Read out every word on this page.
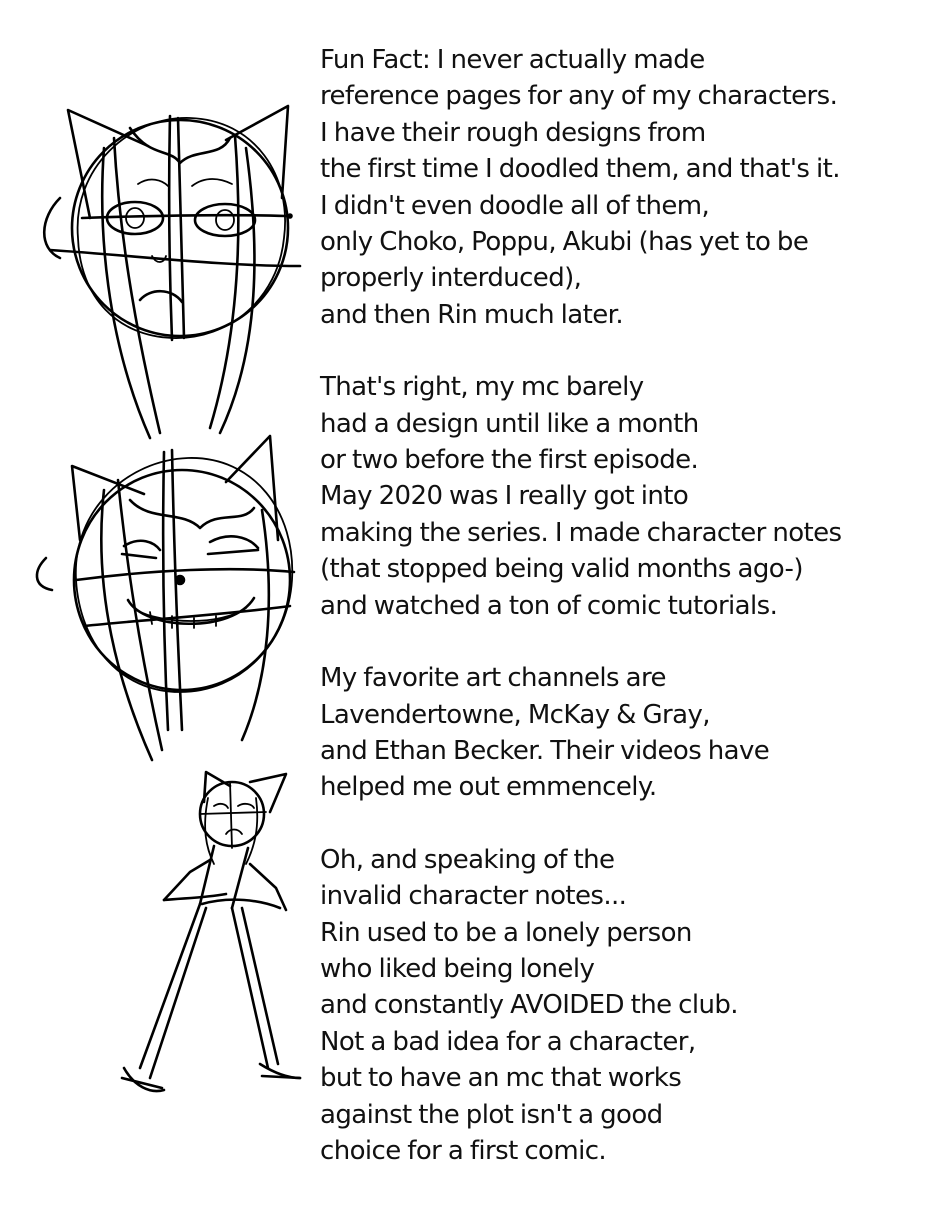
Fun Fact: I never actually made
reference pages for any of my characters.
I have their rough designs from
the first time I doodled them, and that's it.
I didn't even doodle all of them,
only Choko, Poppu, Akubi (has yet to be
properly interduced),
and then Rin much later.
That's right, my mc barely
had a design until like a month
or two before the first episode.
May 2020 was I really got into
making the series. I made character notes
(that stopped being valid months ago-)
and watched a ton of comic tutorials.
My favorite art channels are
Lavendertowne, McKay & Gray,
and Ethan Becker. Their videos have
helped me out emmencely.
Oh, and speaking of the
invalid character notes...
Rin used to be a lonely person
who liked being lonely
and constantly AVOIDED the club.
Not a bad idea for a character,
but to have an mc that works
against the plot isn't a good
choice for a first comic.
